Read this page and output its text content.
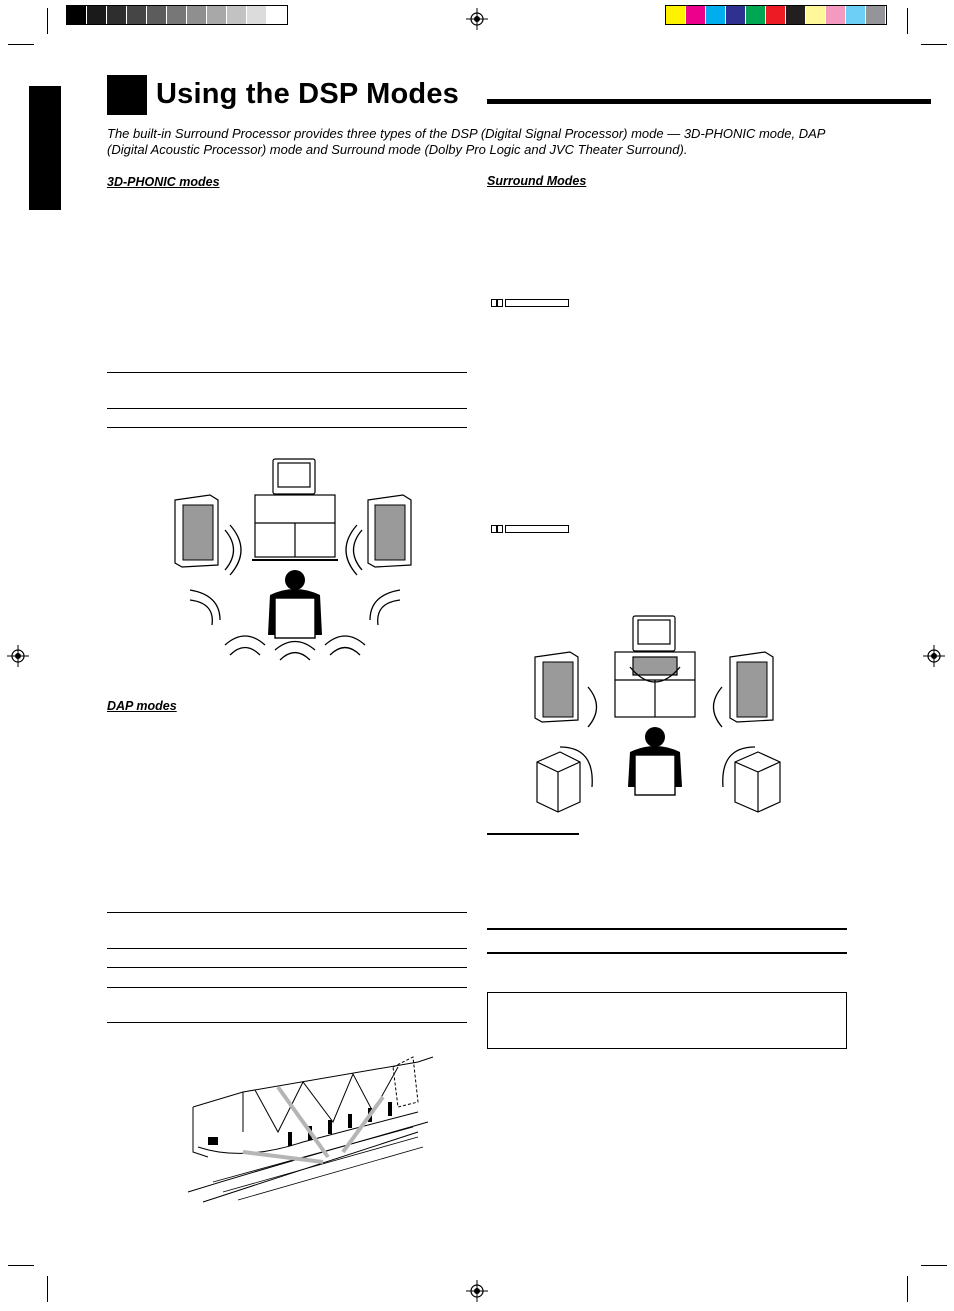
Using the DSP Modes

The built-in Surround Processor provides three types of the DSP (Digital Signal Processor) mode — 3D-PHONIC mode, DAP (Digital Acoustic Processor) mode and Surround mode (Dolby Pro Logic and JVC Theater Surround).

3D-PHONIC modes	Surround Modes

DAP modes
